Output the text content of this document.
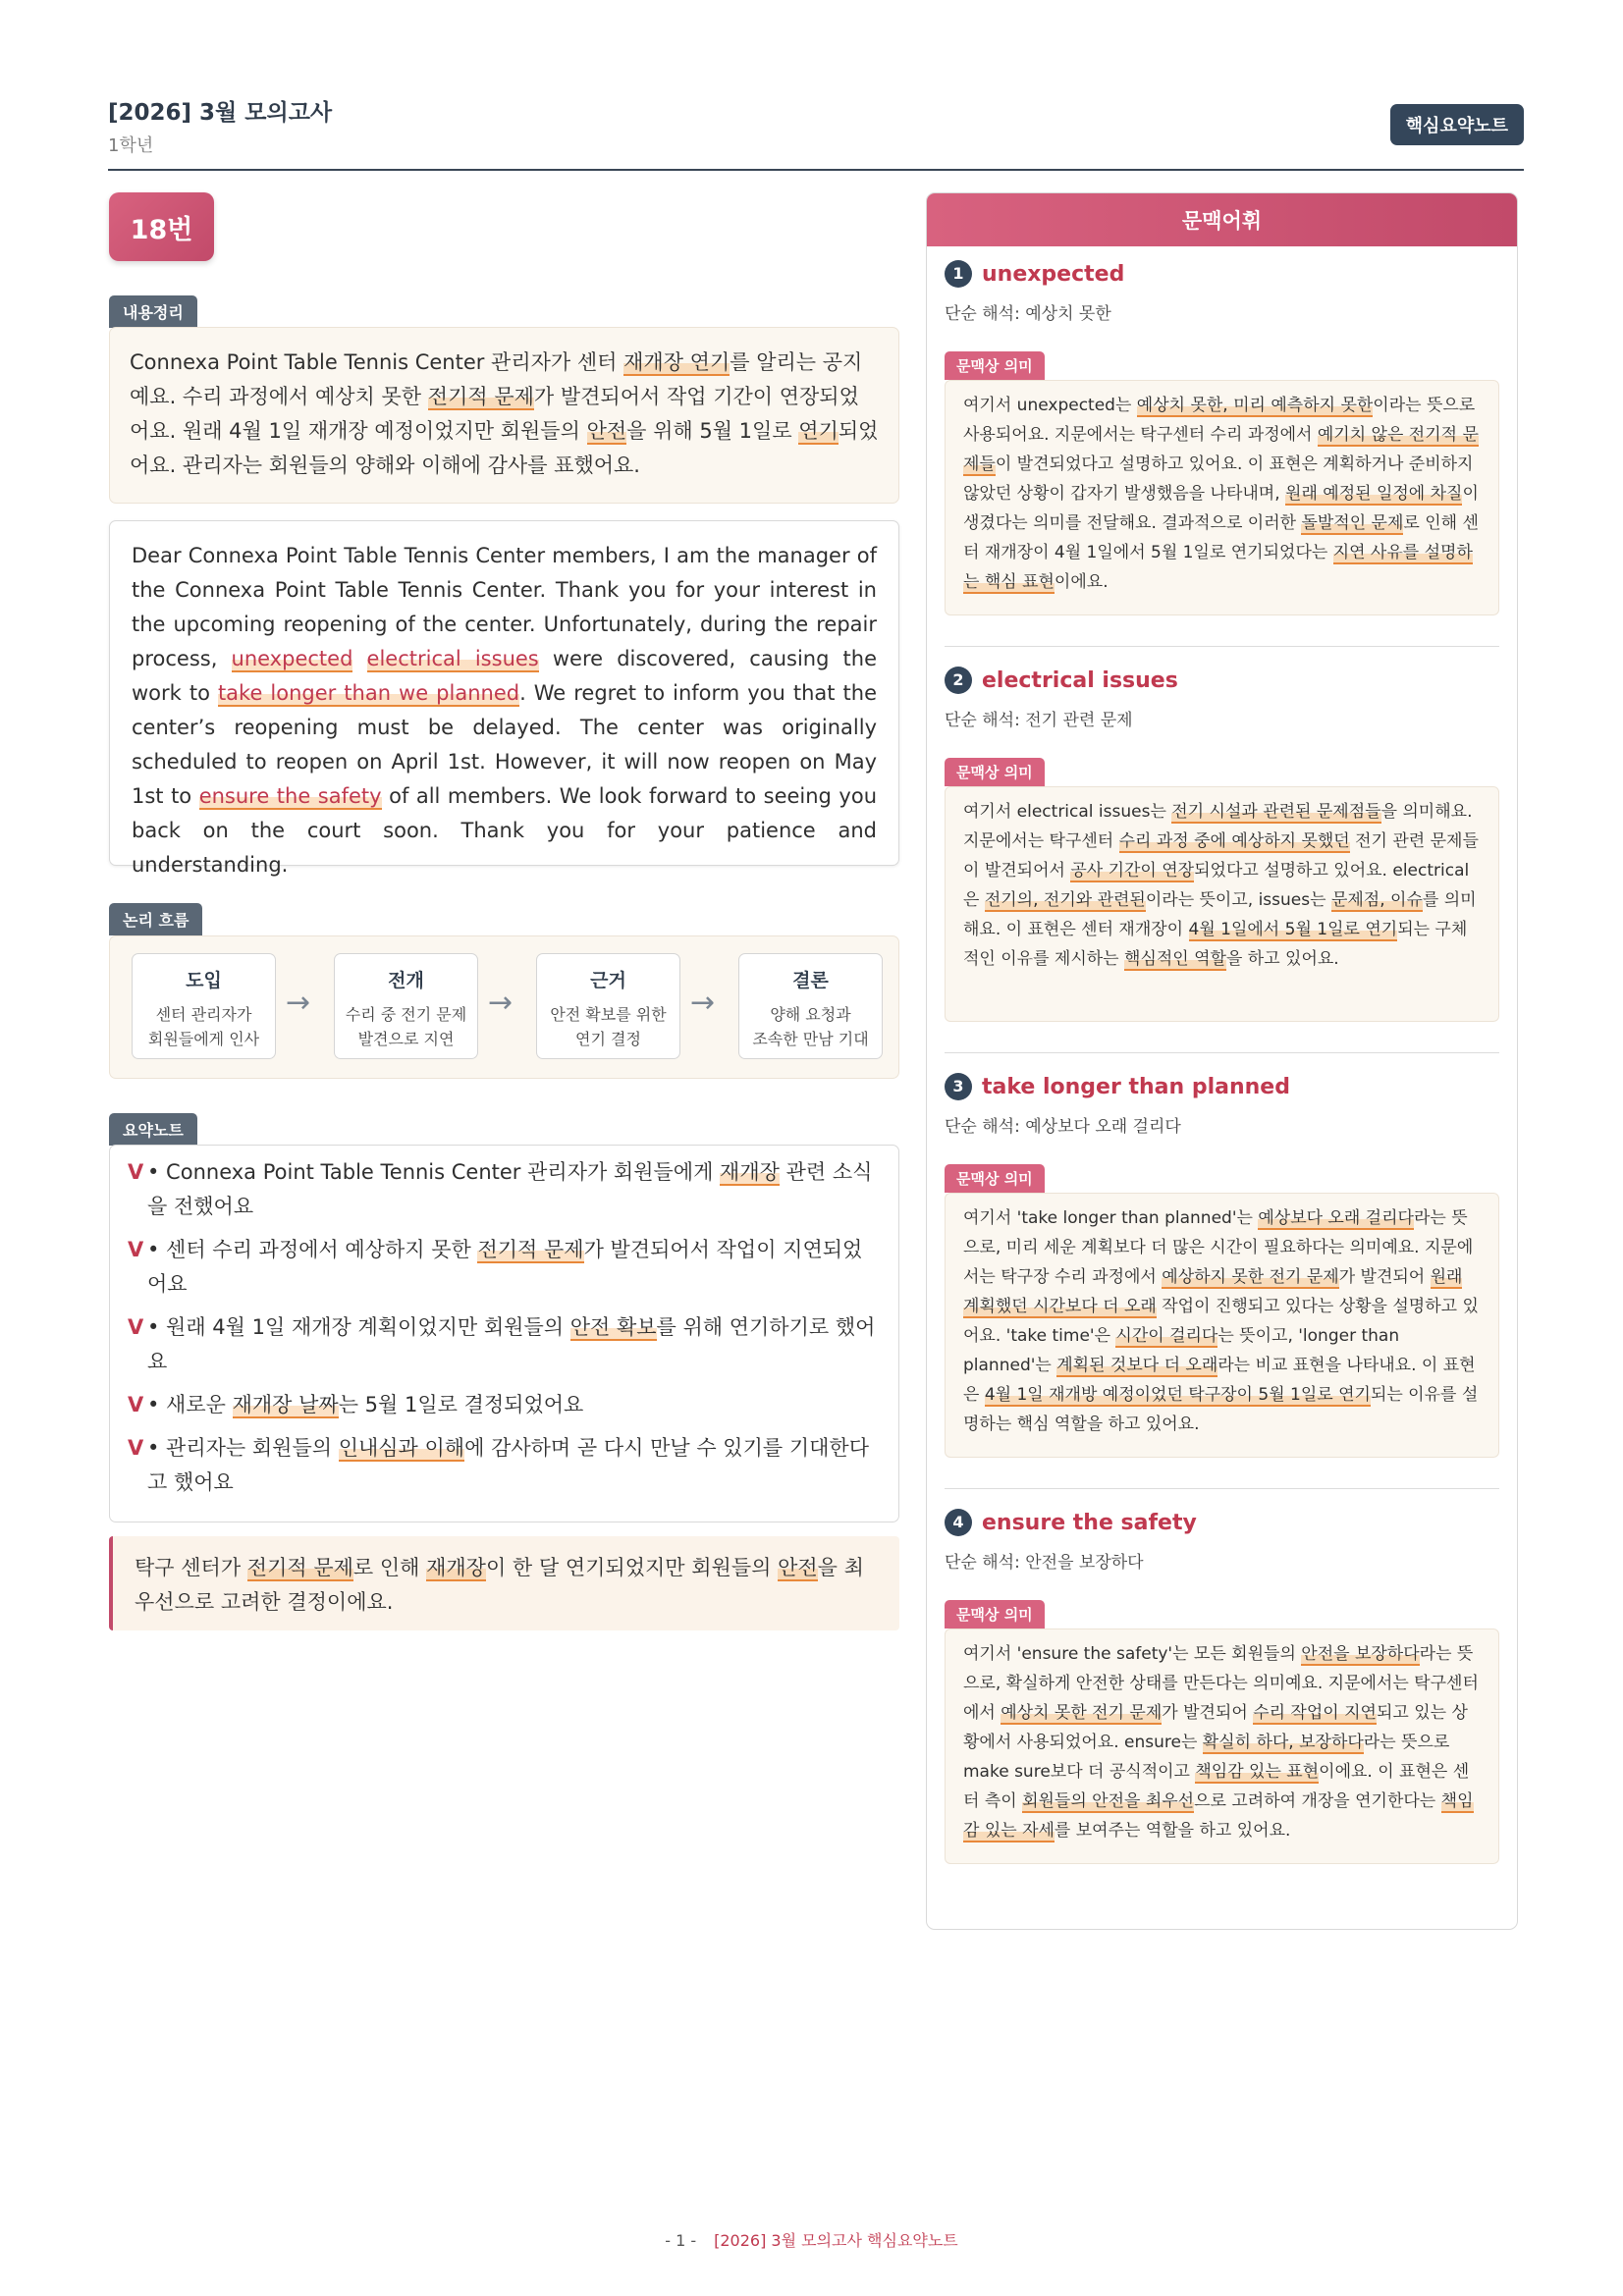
[2026] 3월 모의고사
1학년
핵심요약노트
18번
내용정리
Connexa Point Table Tennis Center 관리자가 센터 재개장 연기를 알리는 공지예요. 수리 과정에서 예상치 못한 전기적 문제가 발견되어서 작업 기간이 연장되었어요. 원래 4월 1일 재개장 예정이었지만 회원들의 안전을 위해 5월 1일로 연기되었어요. 관리자는 회원들의 양해와 이해에 감사를 표했어요.
Dear Connexa Point Table Tennis Center members, I am the manager of the Connexa Point Table Tennis Center. Thank you for your interest in the upcoming reopening of the center. Unfortunately, during the repair process, unexpected electrical issues were discovered, causing the work to take longer than we planned. We regret to inform you that the center’s reopening must be delayed. The center was originally scheduled to reopen on April 1st. However, it will now reopen on May 1st to ensure the safety of all members. We look forward to seeing you back on the court soon. Thank you for your patience and understanding.
논리 흐름
도입
센터 관리자가
회원들에게 인사
→
전개
수리 중 전기 문제
발견으로 지연
→
근거
안전 확보를 위한
연기 결정
→
결론
양해 요청과
조속한 만남 기대
요약노트
V • Connexa Point Table Tennis Center 관리자가 회원들에게 재개장 관련 소식을 전했어요
V • 센터 수리 과정에서 예상하지 못한 전기적 문제가 발견되어서 작업이 지연되었어요
V • 원래 4월 1일 재개장 계획이었지만 회원들의 안전 확보를 위해 연기하기로 했어요
V • 새로운 재개장 날짜는 5월 1일로 결정되었어요
V • 관리자는 회원들의 인내심과 이해에 감사하며 곧 다시 만날 수 있기를 기대한다고 했어요
탁구 센터가 전기적 문제로 인해 재개장이 한 달 연기되었지만 회원들의 안전을 최우선으로 고려한 결정이에요.
문맥어휘
1 unexpected
단순 해석: 예상치 못한
문맥상 의미
여기서 unexpected는 예상치 못한, 미리 예측하지 못한이라는 뜻으로 사용되어요. 지문에서는 탁구센터 수리 과정에서 예기치 않은 전기적 문제들이 발견되었다고 설명하고 있어요. 이 표현은 계획하거나 준비하지 않았던 상황이 갑자기 발생했음을 나타내며, 원래 예정된 일정에 차질이 생겼다는 의미를 전달해요. 결과적으로 이러한 돌발적인 문제로 인해 센터 재개장이 4월 1일에서 5월 1일로 연기되었다는 지연 사유를 설명하는 핵심 표현이에요.
2 electrical issues
단순 해석: 전기 관련 문제
문맥상 의미
여기서 electrical issues는 전기 시설과 관련된 문제점들을 의미해요. 지문에서는 탁구센터 수리 과정 중에 예상하지 못했던 전기 관련 문제들이 발견되어서 공사 기간이 연장되었다고 설명하고 있어요. electrical은 전기의, 전기와 관련된이라는 뜻이고, issues는 문제점, 이슈를 의미해요. 이 표현은 센터 재개장이 4월 1일에서 5월 1일로 연기되는 구체적인 이유를 제시하는 핵심적인 역할을 하고 있어요.
3 take longer than planned
단순 해석: 예상보다 오래 걸리다
문맥상 의미
여기서 'take longer than planned'는 예상보다 오래 걸리다라는 뜻으로, 미리 세운 계획보다 더 많은 시간이 필요하다는 의미예요. 지문에서는 탁구장 수리 과정에서 예상하지 못한 전기 문제가 발견되어 원래 계획했던 시간보다 더 오래 작업이 진행되고 있다는 상황을 설명하고 있어요. 'take time'은 시간이 걸리다는 뜻이고, 'longer than planned'는 계획된 것보다 더 오래라는 비교 표현을 나타내요. 이 표현은 4월 1일 재개방 예정이었던 탁구장이 5월 1일로 연기되는 이유를 설명하는 핵심 역할을 하고 있어요.
4 ensure the safety
단순 해석: 안전을 보장하다
문맥상 의미
여기서 'ensure the safety'는 모든 회원들의 안전을 보장하다라는 뜻으로, 확실하게 안전한 상태를 만든다는 의미예요. 지문에서는 탁구센터에서 예상치 못한 전기 문제가 발견되어 수리 작업이 지연되고 있는 상황에서 사용되었어요. ensure는 확실히 하다, 보장하다라는 뜻으로 make sure보다 더 공식적이고 책임감 있는 표현이에요. 이 표현은 센터 측이 회원들의 안전을 최우선으로 고려하여 개장을 연기한다는 책임감 있는 자세를 보여주는 역할을 하고 있어요.
- 1 - [2026] 3월 모의고사 핵심요약노트
